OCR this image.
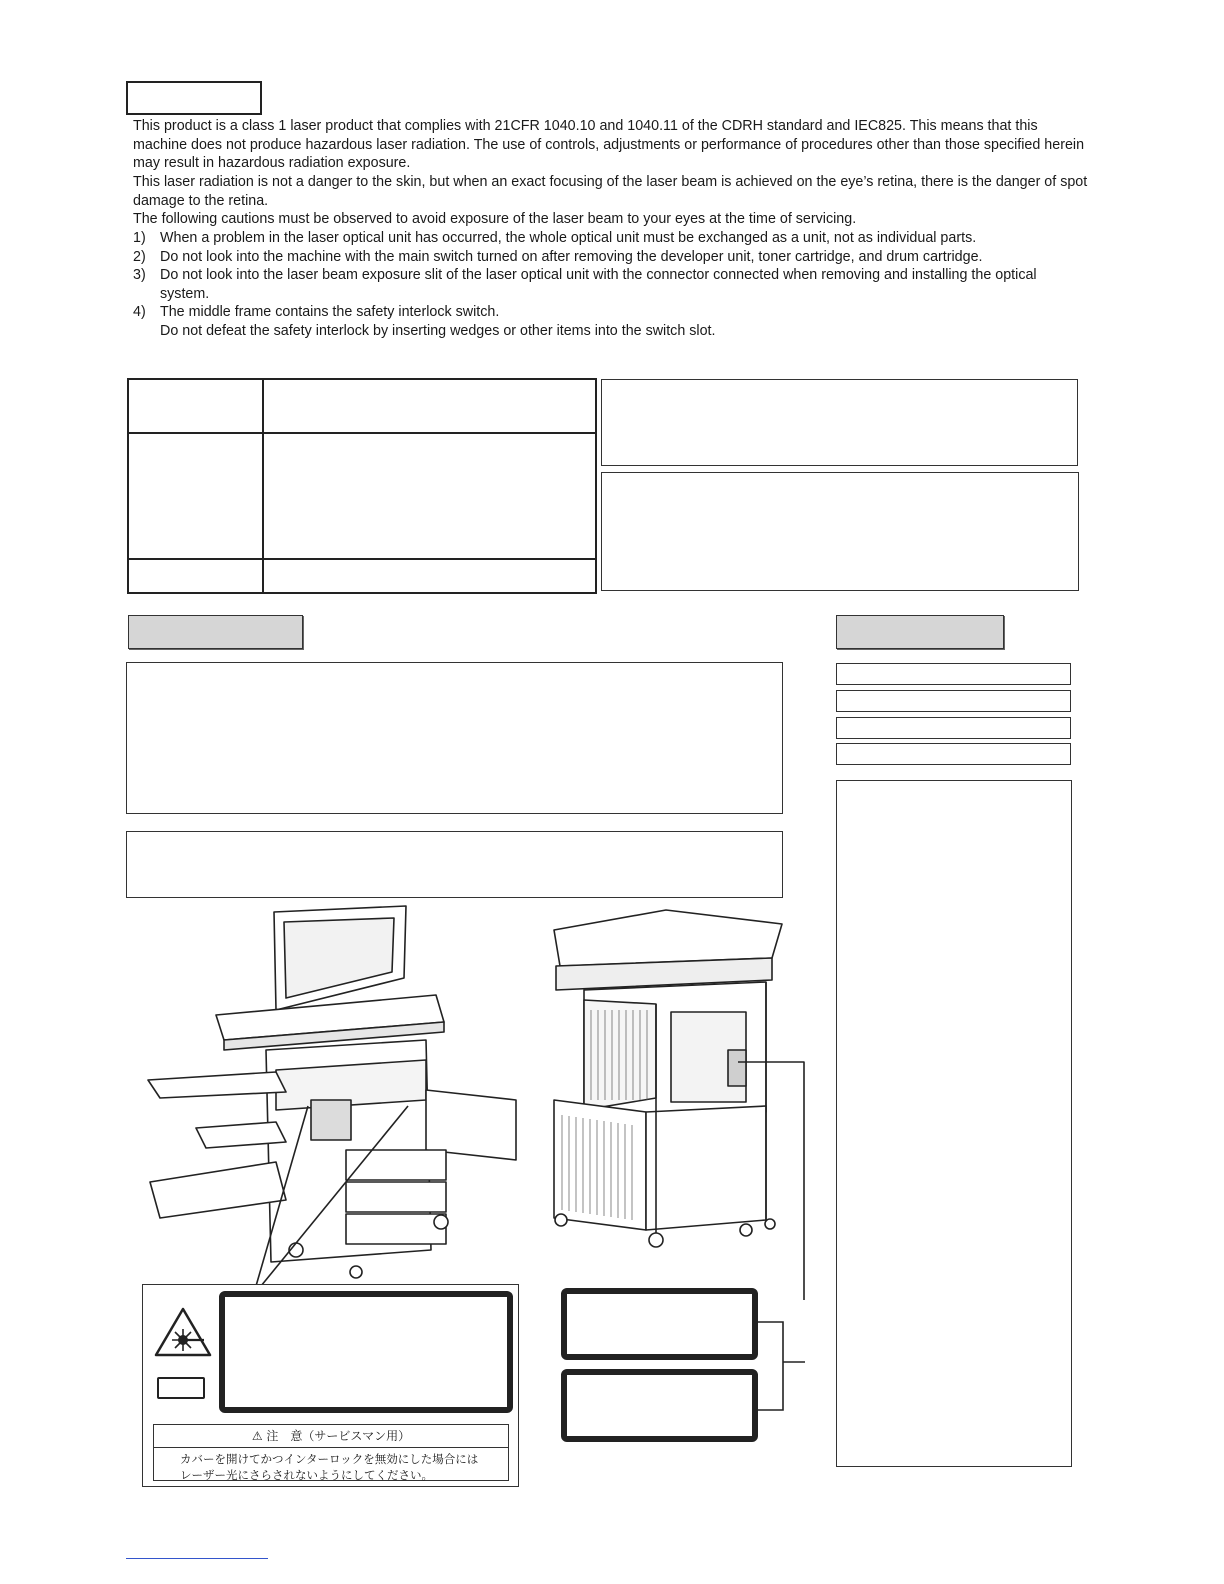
This product is a class 1 laser product that complies with 21CFR 1040.10 and 1040.11 of the CDRH standard and IEC825. This means that this machine does not produce hazardous laser radiation. The use of controls, adjustments or performance of procedures other than those specified herein may result in hazardous radiation exposure.

This laser radiation is not a danger to the skin, but when an exact focusing of the laser beam is achieved on the eye’s retina, there is the danger of spot damage to the retina.

The following cautions must be observed to avoid exposure of the laser beam to your eyes at the time of servicing.

1) When a problem in the laser optical unit has occurred, the whole optical unit must be exchanged as a unit, not as individual parts.
2) Do not look into the machine with the main switch turned on after removing the developer unit, toner cartridge, and drum cartridge.
3) Do not look into the laser beam exposure slit of the laser optical unit with the connector connected when removing and installing the optical system.
4) The middle frame contains the safety interlock switch.
Do not defeat the safety interlock by inserting wedges or other items into the switch slot.

⚠ 注　意（サービスマン用）
カバーを開けてかつインターロックを無効にした場合には
レーザー光にさらされないようにしてください。
